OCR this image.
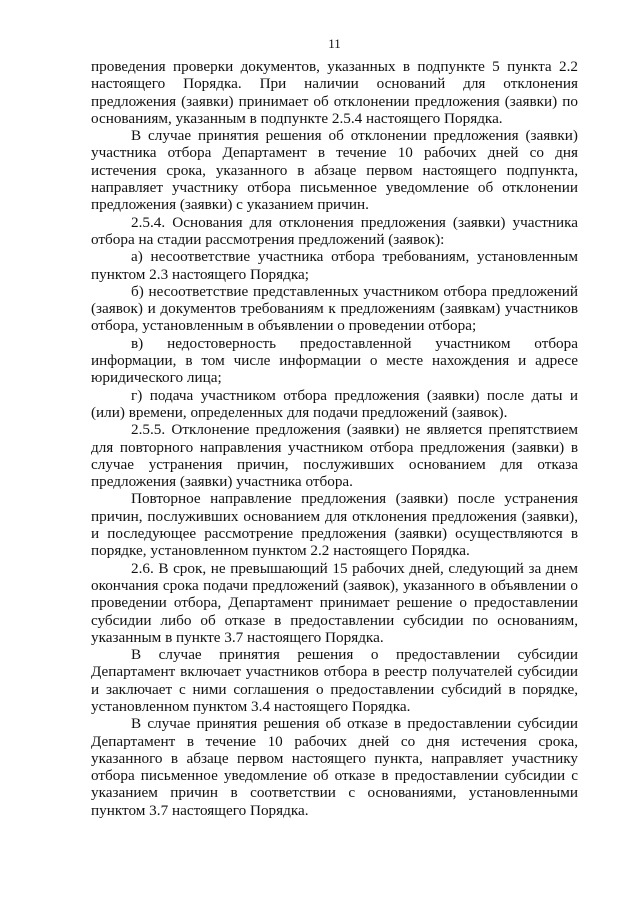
11

проведения проверки документов, указанных в подпункте 5 пункта 2.2 настоящего Порядка. При наличии оснований для отклонения предложения (заявки) принимает об отклонении предложения (заявки) по основаниям, указанным в подпункте 2.5.4 настоящего Порядка.

В случае принятия решения об отклонении предложения (заявки) участника отбора Департамент в течение 10 рабочих дней со дня истечения срока, указанного в абзаце первом настоящего подпункта, направляет участнику отбора письменное уведомление об отклонении предложения (заявки) с указанием причин.

2.5.4. Основания для отклонения предложения (заявки) участника отбора на стадии рассмотрения предложений (заявок):

а) несоответствие участника отбора требованиям, установленным пунктом 2.3 настоящего Порядка;

б) несоответствие представленных участником отбора предложений (заявок) и документов требованиям к предложениям (заявкам) участников отбора, установленным в объявлении о проведении отбора;

в) недостоверность предоставленной участником отбора информации, в том числе информации о месте нахождения и адресе юридического лица;

г) подача участником отбора предложения (заявки) после даты и (или) времени, определенных для подачи предложений (заявок).

2.5.5. Отклонение предложения (заявки) не является препятствием для повторного направления участником отбора предложения (заявки) в случае устранения причин, послуживших основанием для отказа предложения (заявки) участника отбора.

Повторное направление предложения (заявки) после устранения причин, послуживших основанием для отклонения предложения (заявки), и последующее рассмотрение предложения (заявки) осуществляются в порядке, установленном пунктом 2.2 настоящего Порядка.

2.6. В срок, не превышающий 15 рабочих дней, следующий за днем окончания срока подачи предложений (заявок), указанного в объявлении о проведении отбора, Департамент принимает решение о предоставлении субсидии либо об отказе в предоставлении субсидии по основаниям, указанным в пункте 3.7 настоящего Порядка.

В случае принятия решения о предоставлении субсидии Департамент включает участников отбора в реестр получателей субсидии и заключает с ними соглашения о предоставлении субсидий в порядке, установленном пунктом 3.4 настоящего Порядка.

В случае принятия решения об отказе в предоставлении субсидии Департамент в течение 10 рабочих дней со дня истечения срока, указанного в абзаце первом настоящего пункта, направляет участнику отбора письменное уведомление об отказе в предоставлении субсидии с указанием причин в соответствии с основаниями, установленными пунктом 3.7 настоящего Порядка.
